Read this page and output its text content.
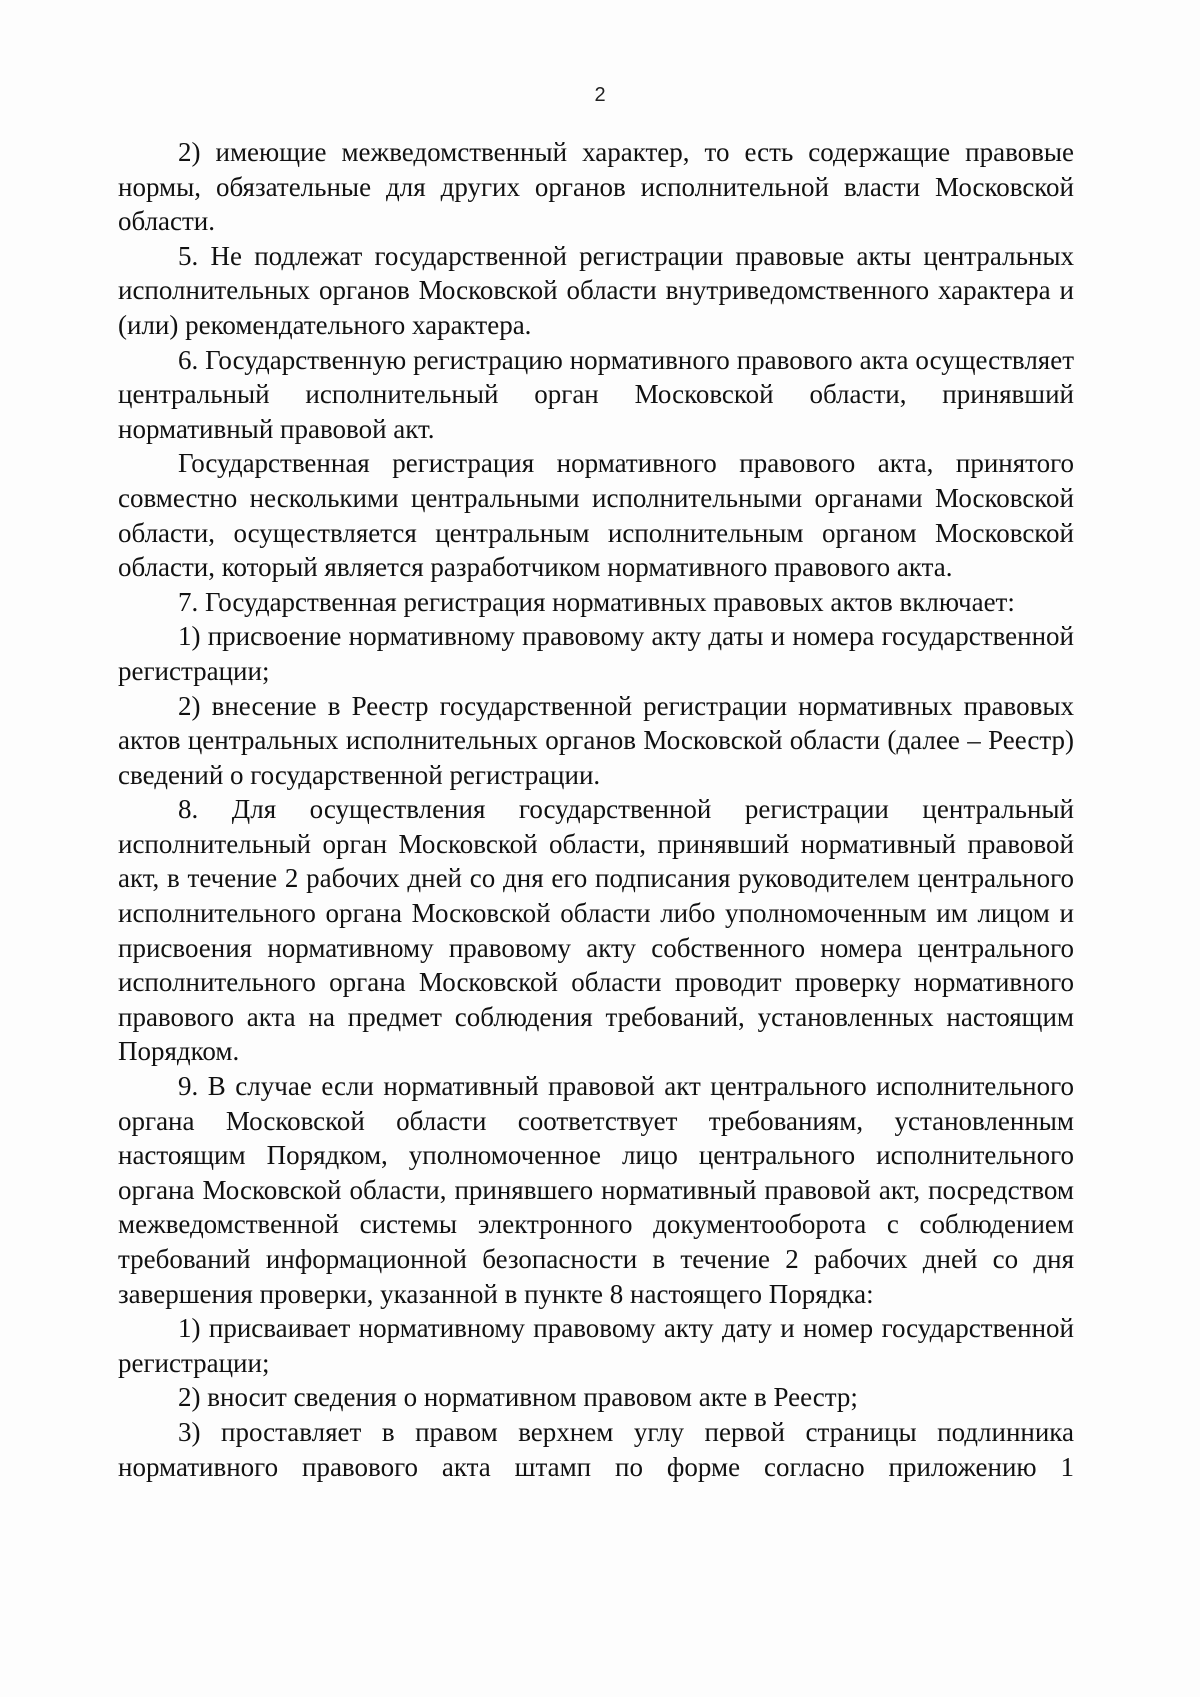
2

2) имеющие межведомственный характер, то есть содержащие правовые нормы, обязательные для других органов исполнительной власти Московской области.

5. Не подлежат государственной регистрации правовые акты центральных исполнительных органов Московской области внутриведомственного характера и (или) рекомендательного характера.

6. Государственную регистрацию нормативного правового акта осуществляет центральный исполнительный орган Московской области, принявший нормативный правовой акт.

Государственная регистрация нормативного правового акта, принятого совместно несколькими центральными исполнительными органами Московской области, осуществляется центральным исполнительным органом Московской области, который является разработчиком нормативного правового акта.

7. Государственная регистрация нормативных правовых актов включает:

1) присвоение нормативному правовому акту даты и номера государственной регистрации;

2) внесение в Реестр государственной регистрации нормативных правовых актов центральных исполнительных органов Московской области (далее – Реестр) сведений о государственной регистрации.

8. Для осуществления государственной регистрации центральный исполнительный орган Московской области, принявший нормативный правовой акт, в течение 2 рабочих дней со дня его подписания руководителем центрального исполнительного органа Московской области либо уполномоченным им лицом и присвоения нормативному правовому акту собственного номера центрального исполнительного органа Московской области проводит проверку нормативного правового акта на предмет соблюдения требований, установленных настоящим Порядком.

9. В случае если нормативный правовой акт центрального исполнительного органа Московской области соответствует требованиям, установленным настоящим Порядком, уполномоченное лицо центрального исполнительного органа Московской области, принявшего нормативный правовой акт, посредством межведомственной системы электронного документооборота с соблюдением требований информационной безопасности в течение 2 рабочих дней со дня завершения проверки, указанной в пункте 8 настоящего Порядка:

1) присваивает нормативному правовому акту дату и номер государственной регистрации;

2) вносит сведения о нормативном правовом акте в Реестр;

3) проставляет в правом верхнем углу первой страницы подлинника нормативного правового акта штамп по форме согласно приложению 1
